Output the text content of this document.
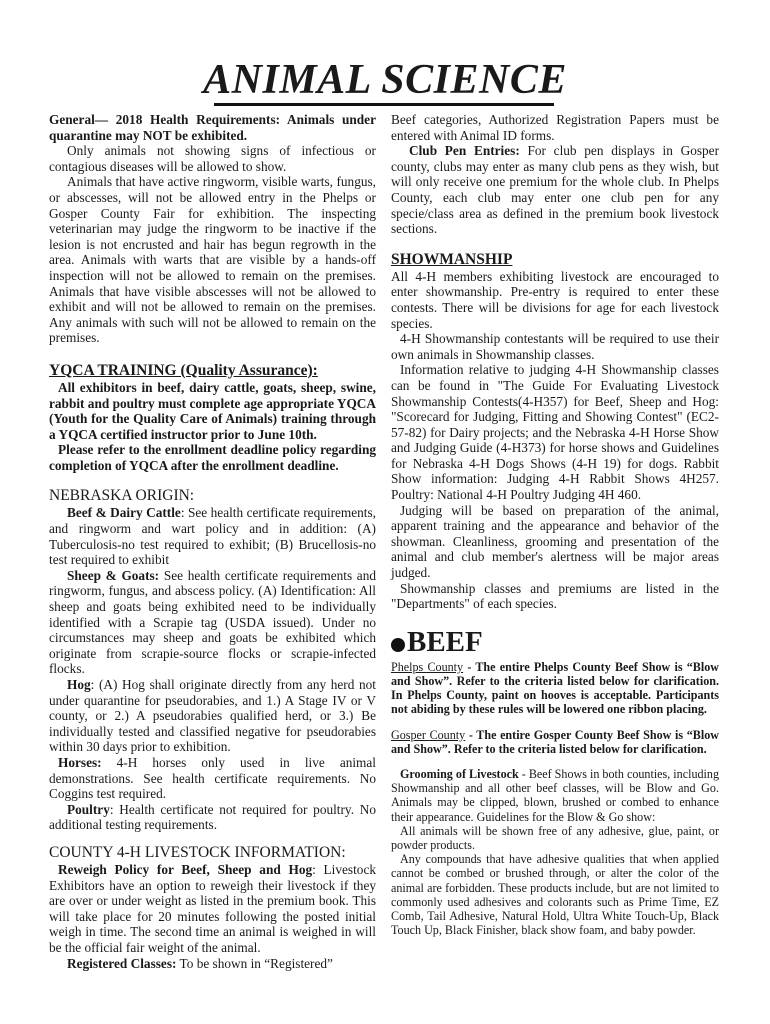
ANIMAL SCIENCE

General— 2018 Health Requirements: Animals under quarantine may NOT be exhibited.

Only animals not showing signs of infectious or contagious diseases will be allowed to show.

Animals that have active ringworm, visible warts, fungus, or abscesses, will not be allowed entry in the Phelps or Gosper County Fair for exhibition. The inspecting veterinarian may judge the ringworm to be inactive if the lesion is not encrusted and hair has begun regrowth in the area. Animals with warts that are visible by a hands-off inspection will not be allowed to remain on the premises. Animals that have visible abscesses will not be allowed to exhibit and will not be allowed to remain on the premises. Any animals with such will not be allowed to remain on the premises.

YQCA TRAINING (Quality Assurance):

All exhibitors in beef, dairy cattle, goats, sheep, swine, rabbit and poultry must complete age appropriate YQCA (Youth for the Quality Care of Animals) training through a YQCA certified instructor prior to June 10th.

Please refer to the enrollment deadline policy regarding completion of YQCA after the enrollment deadline.

NEBRASKA ORIGIN:

Beef & Dairy Cattle: See health certificate requirements, and ringworm and wart policy and in addition: (A) Tuberculosis-no test required to exhibit; (B) Brucellosis-no test required to exhibit

Sheep & Goats: See health certificate requirements and ringworm, fungus, and abscess policy. (A) Identification: All sheep and goats being exhibited need to be individually identified with a Scrapie tag (USDA issued). Under no circumstances may sheep and goats be exhibited which originate from scrapie-source flocks or scrapie-infected flocks.

Hog: (A) Hog shall originate directly from any herd not under quarantine for pseudorabies, and 1.) A Stage IV or V county, or 2.) A pseudorabies qualified herd, or 3.) Be individually tested and classified negative for pseudorabies within 30 days prior to exhibition.

Horses: 4-H horses only used in live animal demonstrations. See health certificate requirements. No Coggins test required.

Poultry: Health certificate not required for poultry. No additional testing requirements.

COUNTY 4-H LIVESTOCK INFORMATION:

Reweigh Policy for Beef, Sheep and Hog: Livestock Exhibitors have an option to reweigh their livestock if they are over or under weight as listed in the premium book. This will take place for 20 minutes following the posted initial weigh in time. The second time an animal is weighed in will be the official fair weight of the animal.

Registered Classes: To be shown in “Registered”

Beef categories, Authorized Registration Papers must be entered with Animal ID forms.

Club Pen Entries: For club pen displays in Gosper county, clubs may enter as many club pens as they wish, but will only receive one premium for the whole club. In Phelps County, each club may enter one club pen for any specie/class area as defined in the premium book livestock sections.

SHOWMANSHIP

All 4-H members exhibiting livestock are encouraged to enter showmanship. Pre-entry is required to enter these contests. There will be divisions for age for each livestock species.

4-H Showmanship contestants will be required to use their own animals in Showmanship classes.

Information relative to judging 4-H Showmanship classes can be found in "The Guide For Evaluating Livestock Showmanship Contests(4-H357) for Beef, Sheep and Hog: "Scorecard for Judging, Fitting and Showing Contest" (EC2-57-82) for Dairy projects; and the Nebraska 4-H Horse Show and Judging Guide (4-H373) for horse shows and Guidelines for Nebraska 4-H Dogs Shows (4-H 19) for dogs. Rabbit Show information: Judging 4-H Rabbit Shows 4H257. Poultry: National 4-H Poultry Judging 4H 460.

Judging will be based on preparation of the animal, apparent training and the appearance and behavior of the showman. Cleanliness, grooming and presentation of the animal and club member's alertness will be major areas judged.

Showmanship classes and premiums are listed in the "Departments" of each species.

BEEF

Phelps County - The entire Phelps County Beef Show is “Blow and Show”. Refer to the criteria listed below for clarification. In Phelps County, paint on hooves is acceptable. Participants not abiding by these rules will be lowered one ribbon placing.

Gosper County - The entire Gosper County Beef Show is “Blow and Show”. Refer to the criteria listed below for clarification.

Grooming of Livestock - Beef Shows in both counties, including Showmanship and all other beef classes, will be Blow and Go. Animals may be clipped, blown, brushed or combed to enhance their appearance. Guidelines for the Blow & Go show:

All animals will be shown free of any adhesive, glue, paint, or powder products.

Any compounds that have adhesive qualities that when applied cannot be combed or brushed through, or alter the color of the animal are forbidden. These products include, but are not limited to commonly used adhesives and colorants such as Prime Time, EZ Comb, Tail Adhesive, Natural Hold, Ultra White Touch-Up, Black Touch Up, Black Finisher, black show foam, and baby powder.
